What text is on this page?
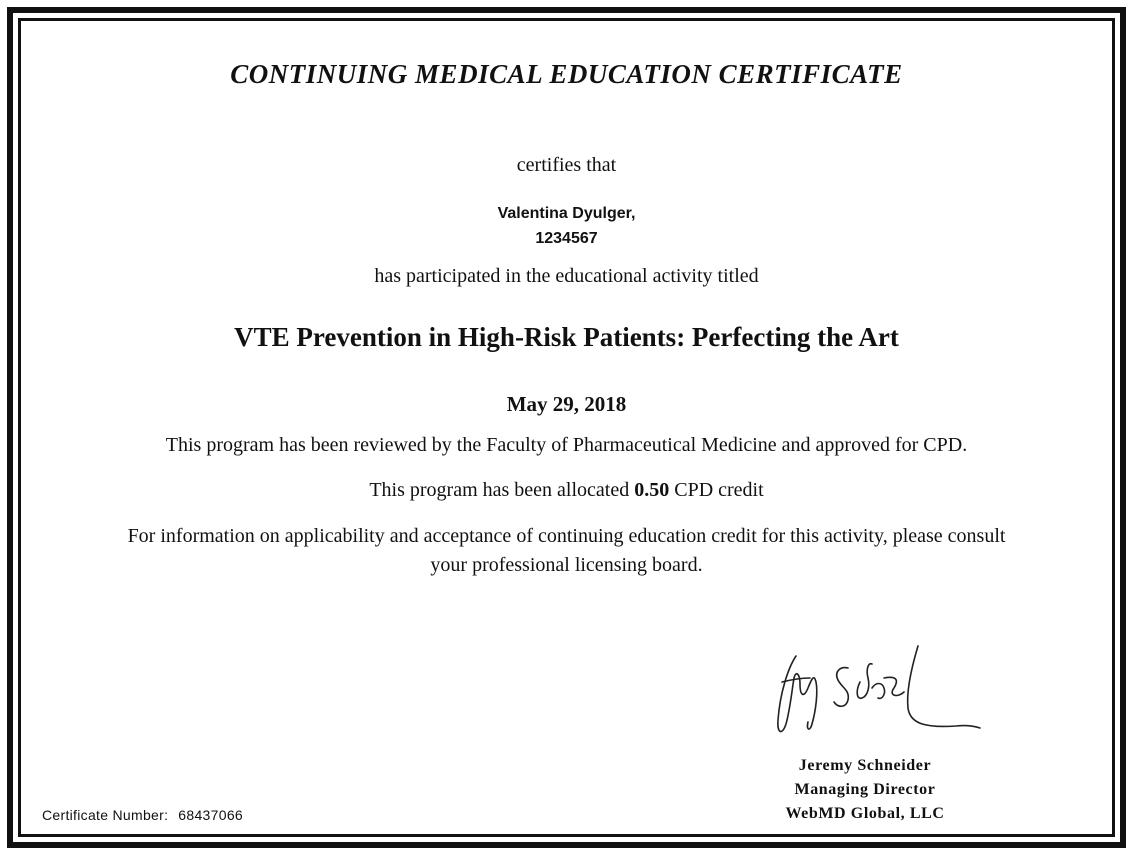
CONTINUING MEDICAL EDUCATION CERTIFICATE
certifies that
Valentina Dyulger,
1234567
has participated in the educational activity titled
VTE Prevention in High-Risk Patients: Perfecting the Art
May 29, 2018
This program has been reviewed by the Faculty of Pharmaceutical Medicine and approved for CPD.
This program has been allocated 0.50 CPD credit
For information on applicability and acceptance of continuing education credit for this activity, please consult
your professional licensing board.
Jeremy Schneider
Managing Director
WebMD Global, LLC
Certificate Number: 68437066
